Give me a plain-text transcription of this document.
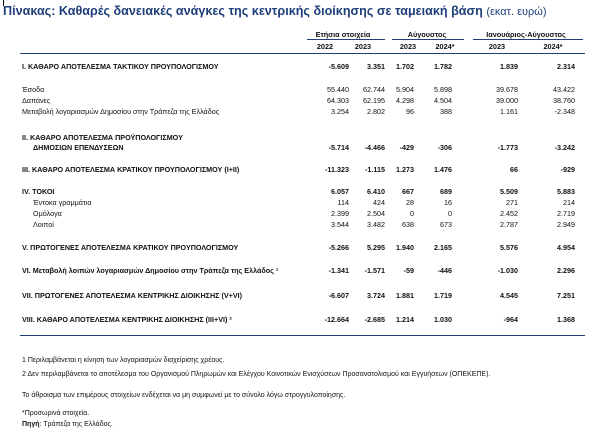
Πίνακας: Καθαρές δανειακές ανάγκες της κεντρικής διοίκησης σε ταμειακή βάση (εκατ. ευρώ)
Ετήσια στοιχεία	Αύγουστος	Ιανουάριος-Αύγουστος
2022	2023	2023	2024*	2023	2024*
I. ΚΑΘΑΡΟ ΑΠΟΤΕΛΕΣΜΑ ΤΑΚΤΙΚΟΥ ΠΡΟΥΠΟΛΟΓΙΣΜΟΥ	-5.609	3.351	1.702	1.782	1.839	2.314
Έσοδα	55.440	62.744	5.904	5.898	39.678	43.422
Δαπάνες	64.303	62.195	4.298	4.504	39.000	38.760
Μεταβολή λογαριασμών Δημοσίου στην Τράπεζα της Ελλάδος	3.254	2.802	96	388	1.161	-2.348
II. ΚΑΘΑΡΟ ΑΠΟΤΕΛΕΣΜΑ ΠΡΟΫΠΟΛΟΓΙΣΜΟΥ
ΔΗΜΟΣΙΩΝ ΕΠΕΝΔΥΣΕΩΝ	-5.714	-4.466	-429	-306	-1.773	-3.242
III. ΚΑΘΑΡΟ ΑΠΟΤΕΛΕΣΜΑ ΚΡΑΤΙΚΟΥ ΠΡΟΥΠΟΛΟΓΙΣΜΟΥ (I+II)	-11.323	-1.115	1.273	1.476	66	-929
IV. ΤΟΚΟΙ	6.057	6.410	667	689	5.509	5.883
Έντοκα γραμμάτια	114	424	28	16	271	214
Ομόλογα	2.399	2.504	0	0	2.452	2.719
Λοιποί	3.544	3.482	638	673	2.787	2.949
V. ΠΡΩΤΟΓΕΝΕΣ ΑΠΟΤΕΛΕΣΜΑ ΚΡΑΤΙΚΟΥ ΠΡΟΥΠΟΛΟΓΙΣΜΟΥ	-5.266	5.295	1.940	2.165	5.576	4.954
VI. Μεταβολή λοιπών λογαριασμών Δημοσίου στην Τράπεζα της Ελλάδος ¹	-1.341	-1.571	-59	-446	-1.030	2.296
VII. ΠΡΩΤΟΓΕΝΕΣ ΑΠΟΤΕΛΕΣΜΑ ΚΕΝΤΡΙΚΗΣ ΔΙΟΙΚΗΣΗΣ (V+VI)	-6.607	3.724	1.881	1.719	4.545	7.251
VIII. ΚΑΘΑΡΟ ΑΠΟΤΕΛΕΣΜΑ ΚΕΝΤΡΙΚΗΣ ΔΙΟΙΚΗΣΗΣ (III+VI) ²	-12.664	-2.685	1.214	1.030	-964	1.368
1 Περιλαμβάνεται η κίνηση των λογαριασμών διαχείρισης χρέους.
2 Δεν περιλαμβάνεται το αποτέλεσμα του Οργανισμού Πληρωμών και Ελέγχου Κοινοτικών Ενισχύσεων Προσανατολισμού και Εγγυήσεων (ΟΠΕΚΕΠΕ).
Το άθροισμα των επιμέρους στοιχείων ενδέχεται να μη συμφωνεί με το σύνολο λόγω στρογγυλοποίησης.
*Προσωρινά στοιχεία.
Πηγή: Τράπεζα της Ελλάδος.
